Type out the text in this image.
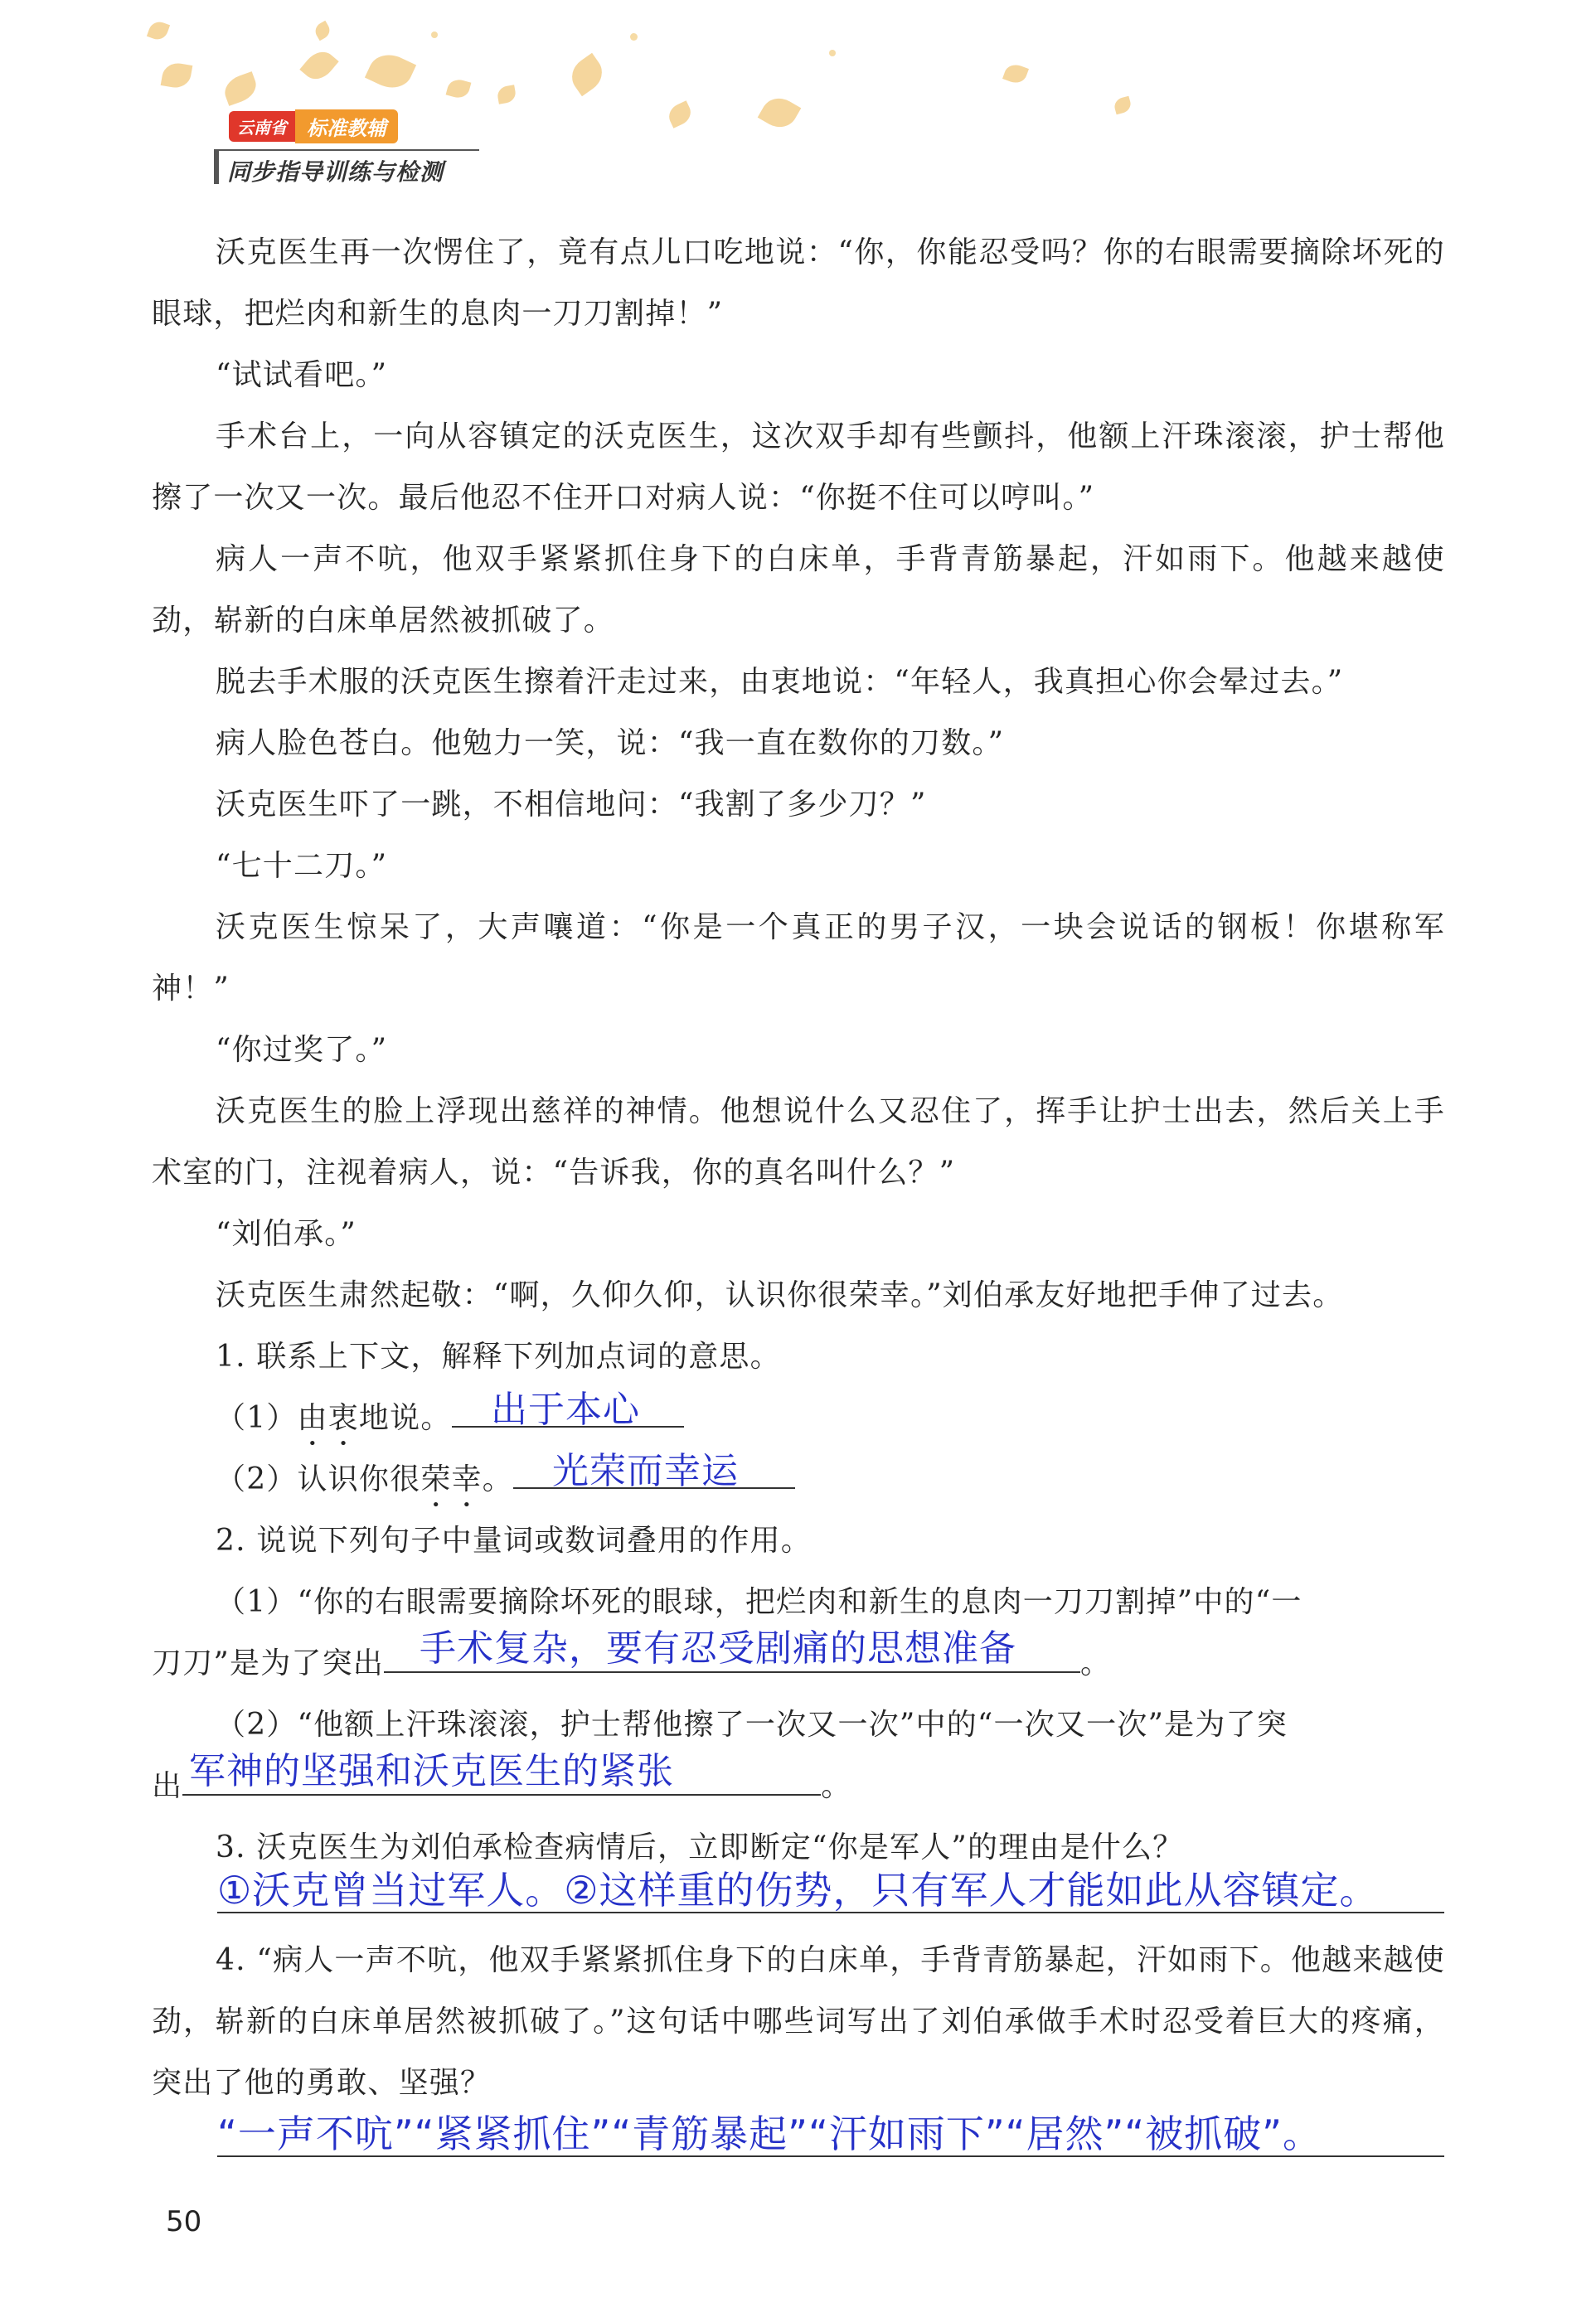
云南省	标准教辅
同步指导训练与检测

沃克医生再一次愣住了，竟有点儿口吃地说：“你，你能忍受吗？你的右眼需要摘除坏死的眼球，把烂肉和新生的息肉一刀刀割掉！”

“试试看吧。”

手术台上，一向从容镇定的沃克医生，这次双手却有些颤抖，他额上汗珠滚滚，护士帮他擦了一次又一次。最后他忍不住开口对病人说：“你挺不住可以哼叫。”

病人一声不吭，他双手紧紧抓住身下的白床单，手背青筋暴起，汗如雨下。他越来越使劲，崭新的白床单居然被抓破了。

脱去手术服的沃克医生擦着汗走过来，由衷地说：“年轻人，我真担心你会晕过去。”

病人脸色苍白。他勉力一笑，说：“我一直在数你的刀数。”

沃克医生吓了一跳，不相信地问：“我割了多少刀？”

“七十二刀。”

沃克医生惊呆了，大声嚷道：“你是一个真正的男子汉，一块会说话的钢板！你堪称军神！”

“你过奖了。”

沃克医生的脸上浮现出慈祥的神情。他想说什么又忍住了，挥手让护士出去，然后关上手术室的门，注视着病人，说：“告诉我，你的真名叫什么？”

“刘伯承。”

沃克医生肃然起敬：“啊，久仰久仰，认识你很荣幸。”刘伯承友好地把手伸了过去。

1. 联系上下文，解释下列加点词的意思。

（1）由衷地说。	出于本心

（2）认识你很荣幸。	光荣而幸运

2. 说说下列句子中量词或数词叠用的作用。

（1）“你的右眼需要摘除坏死的眼球，把烂肉和新生的息肉一刀刀割掉”中的“一

刀刀”是为了突出	。

手术复杂，要有忍受剧痛的思想准备

（2）“他额上汗珠滚滚，护士帮他擦了一次又一次”中的“一次又一次”是为了突

出	。

军神的坚强和沃克医生的紧张

3. 沃克医生为刘伯承检查病情后，立即断定“你是军人”的理由是什么？

①沃克曾当过军人。②这样重的伤势，只有军人才能如此从容镇定。

4. “病人一声不吭，他双手紧紧抓住身下的白床单，手背青筋暴起，汗如雨下。他越来越使劲，崭新的白床单居然被抓破了。”这句话中哪些词写出了刘伯承做手术时忍受着巨大的疼痛，突出了他的勇敢、坚强？

“一声不吭”“紧紧抓住”“青筋暴起”“汗如雨下”“居然”“被抓破”。
50
